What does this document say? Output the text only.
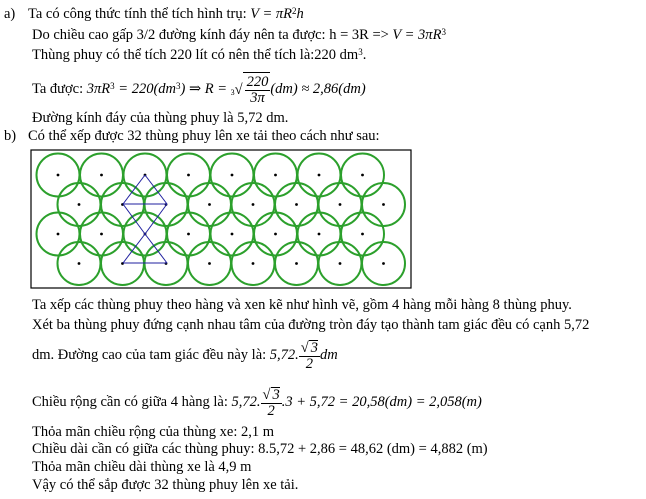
a) Ta có công thức tính thể tích hình trụ: $V = \pi R^2h$
Do chiều cao gấp 3/2 đường kính đáy nên ta được: $h = 3R => V = 3\pi R^3$
Thùng phuy có thể tích 220 lít có nên thể tích là:220 $dm^3$.
Ta được: $3\pi R^3 = 220(dm^3)$ ⇒ $R = ^3√ \frac{220}{3\pi} (dm) \approx 2,86(dm)$
Đường kính đáy của thùng phuy là 5,72 dm.
b) Có thể xếp được 32 thùng phuy lên xe tải theo cách như sau:
Ta xếp các thùng phuy theo hàng và xen kẽ như hình vẽ, gồm 4 hàng mỗi hàng 8 thùng phuy.
Xét ba thùng phuy đứng cạnh nhau tâm của đường tròn đáy tạo thành tam giác đều có cạnh 5,72
dm. Đường cao của tam giác đều này là: 5,72. $\frac{√ 3}{2}$ dm
Chiều rộng cần có giữa 4 hàng là: 5,72. $\frac{√ 3}{2} .3 + 5,72 = 20,58(dm) = 2,058(m)$
Thỏa mãn chiều rộng của thùng xe: 2,1 m
Chiều dài cần có giữa các thùng phuy: 8.5,72 + 2,86 = 48,62 (dm) = 4,882 (m)
Thỏa mãn chiều dài thùng xe là 4,9 m
Vậy có thể sắp được 32 thùng phuy lên xe tải.
